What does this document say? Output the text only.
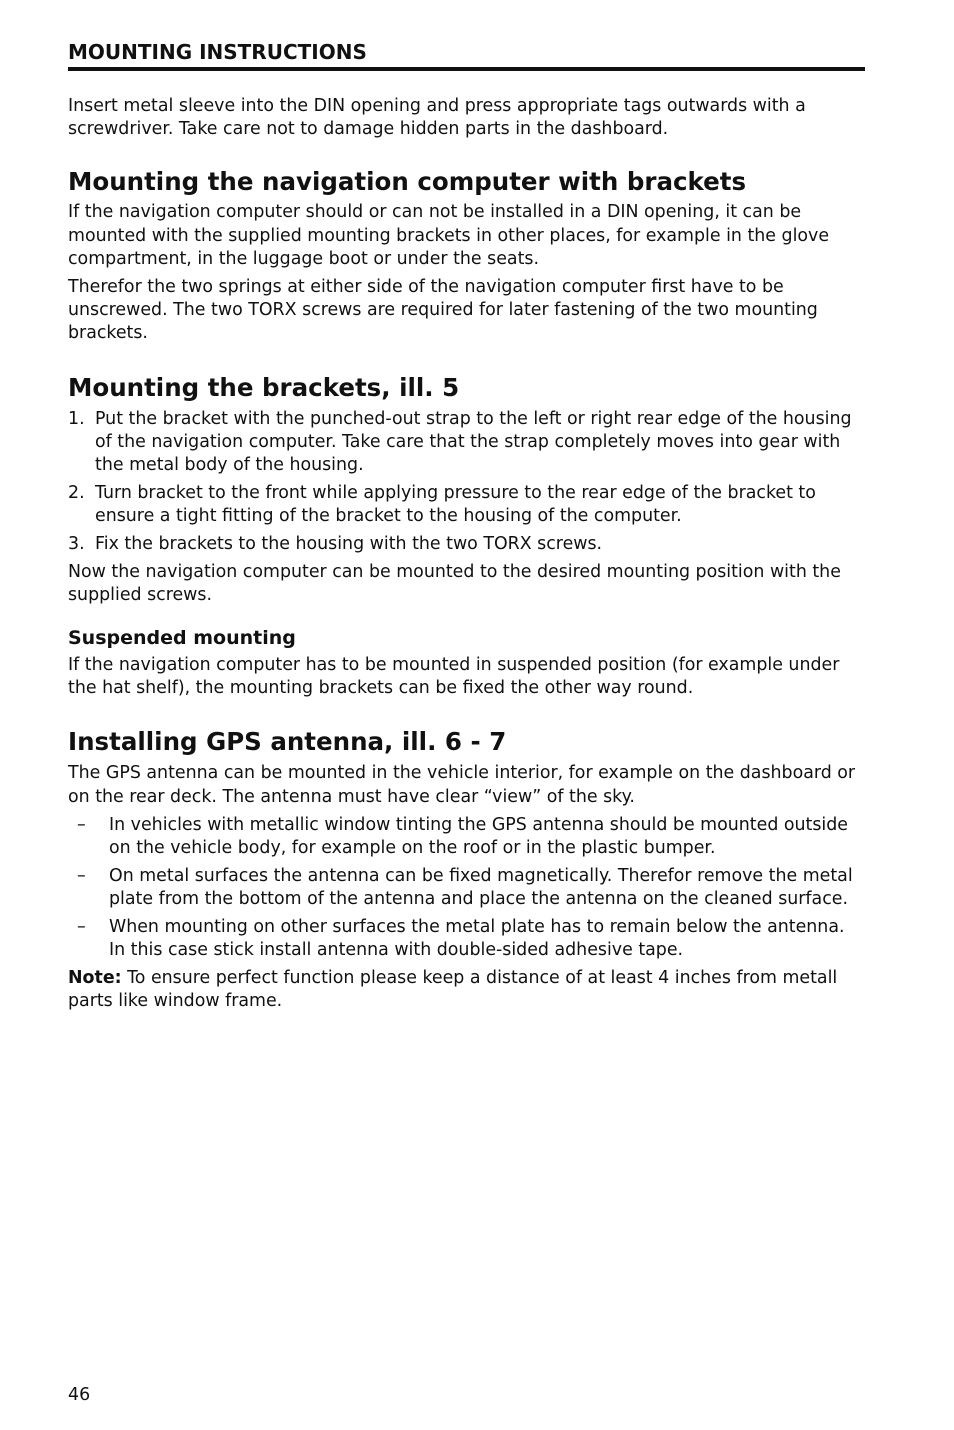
MOUNTING INSTRUCTIONS

Insert metal sleeve into the DIN opening and press appropriate tags outwards with a screwdriver. Take care not to damage hidden parts in the dashboard.

Mounting the navigation computer with brackets

If the navigation computer should or can not be installed in a DIN opening, it can be mounted with the supplied mounting brackets in other places, for example in the glove compartment, in the luggage boot or under the seats.

Therefor the two springs at either side of the navigation computer first have to be unscrewed. The two TORX screws are required for later fastening of the two mounting brackets.

Mounting the brackets, ill. 5
1. Put the bracket with the punched-out strap to the left or right rear edge of the housing of the navigation computer. Take care that the strap completely moves into gear with the metal body of the housing.
2. Turn bracket to the front while applying pressure to the rear edge of the bracket to ensure a tight fitting of the bracket to the housing of the computer.
3. Fix the brackets to the housing with the two TORX screws.

Now the navigation computer can be mounted to the desired mounting position with the supplied screws.

Suspended mounting

If the navigation computer has to be mounted in suspended position (for example under the hat shelf), the mounting brackets can be fixed the other way round.

Installing GPS antenna, ill. 6 - 7

The GPS antenna can be mounted in the vehicle interior, for example on the dashboard or on the rear deck. The antenna must have clear “view” of the sky.

– In vehicles with metallic window tinting the GPS antenna should be mounted outside on the vehicle body, for example on the roof or in the plastic bumper.
– On metal surfaces the antenna can be fixed magnetically. Therefor remove the metal plate from the bottom of the antenna and place the antenna on the cleaned surface.
– When mounting on other surfaces the metal plate has to remain below the antenna. In this case stick install antenna with double-sided adhesive tape.

Note: To ensure perfect function please keep a distance of at least 4 inches from metall parts like window frame.

46
